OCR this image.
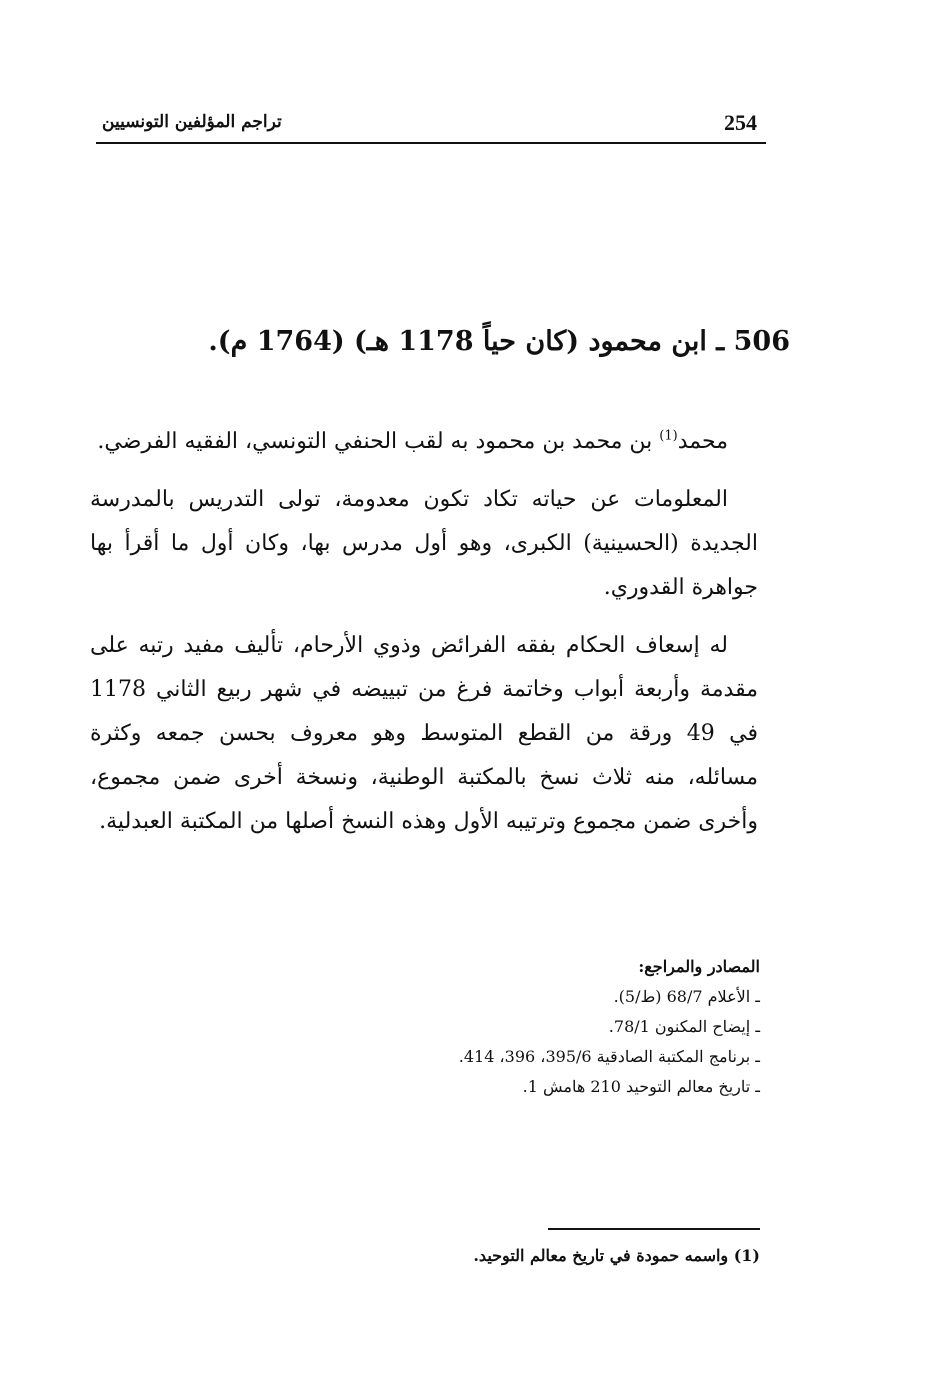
254
تراجم المؤلفين التونسيين
506 ـ ابن محمود (كان حياً 1178 هـ) (1764 م).

محمد$^{(1)}$ بن محمد بن محمود به لقب الحنفي التونسي، الفقيه الفرضي.

المعلومات عن حياته تكاد تكون معدومة، تولى التدريس بالمدرسة الجديدة (الحسينية) الكبرى، وهو أول مدرس بها، وكان أول ما أقرأ بها جواهرة القدوري.

له إسعاف الحكام بفقه الفرائض وذوي الأرحام، تأليف مفيد رتبه على مقدمة وأربعة أبواب وخاتمة فرغ من تبييضه في شهر ربيع الثاني 1178 في 49 ورقة من القطع المتوسط وهو معروف بحسن جمعه وكثرة مسائله، منه ثلاث نسخ بالمكتبة الوطنية، ونسخة أخرى ضمن مجموع، وأخرى ضمن مجموع وترتيبه الأول وهذه النسخ أصلها من المكتبة العبدلية.

المصادر والمراجع:
ـ الأعلام 68/7 (ط/5).
ـ إيضاح المكنون 78/1.
ـ برنامج المكتبة الصادقية 395/6، 396، 414.
ـ تاريخ معالم التوحيد 210 هامش 1.
(1) واسمه حمودة في تاريخ معالم التوحيد.
